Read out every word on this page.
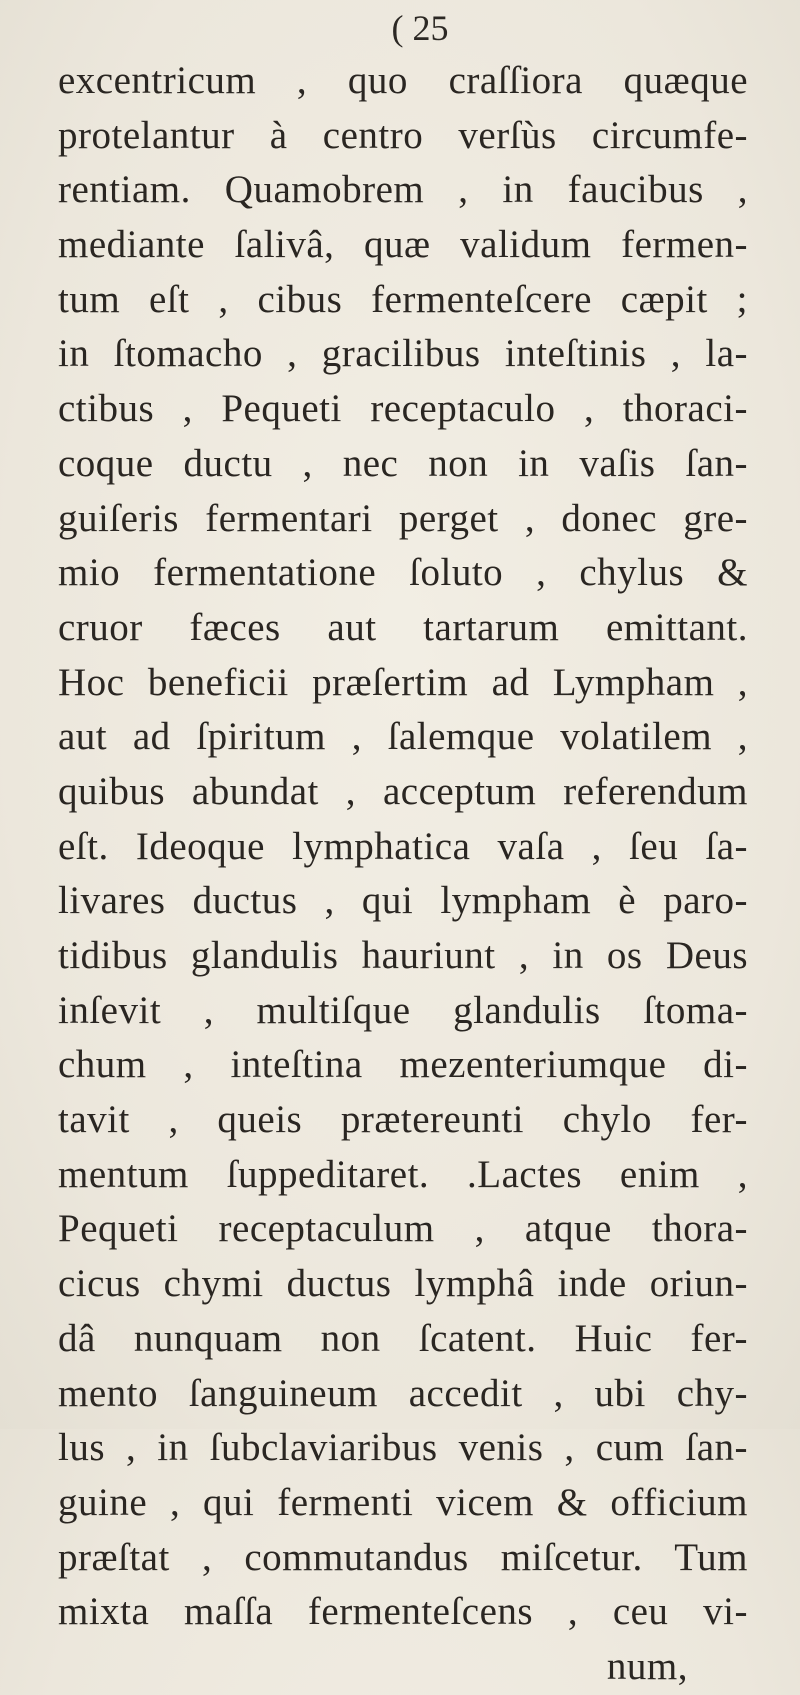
( 25
excentricum , quo craſſiora quæque
protelantur à centro verſùs circumfe-
rentiam. Quamobrem , in faucibus ,
mediante ſalivâ, quæ validum fermen-
tum eſt , cibus fermenteſcere cæpit ;
in ſtomacho , gracilibus inteſtinis , la-
ctibus , Pequeti receptaculo , thoraci-
coque ductu , nec non in vaſis ſan-
guiſeris fermentari perget , donec gre-
mio fermentatione ſoluto , chylus &
cruor fæces aut tartarum emittant.
Hoc beneficii præſertim ad Lympham ,
aut ad ſpiritum , ſalemque volatilem ,
quibus abundat , acceptum referendum
eſt. Ideoque lymphatica vaſa , ſeu ſa-
livares ductus , qui lympham è paro-
tidibus glandulis hauriunt , in os Deus
inſevit , multiſque glandulis ſtoma-
chum , inteſtina mezenteriumque di-
tavit , queis prætereunti chylo fer-
mentum ſuppeditaret. .Lactes enim ,
Pequeti receptaculum , atque thora-
cicus chymi ductus lymphâ inde oriun-
dâ nunquam non ſcatent. Huic fer-
mento ſanguineum accedit , ubi chy-
lus , in ſubclaviaribus venis , cum ſan-
guine , qui fermenti vicem & officium
præſtat , commutandus miſcetur. Tum
mixta maſſa fermenteſcens , ceu vi-
num,
